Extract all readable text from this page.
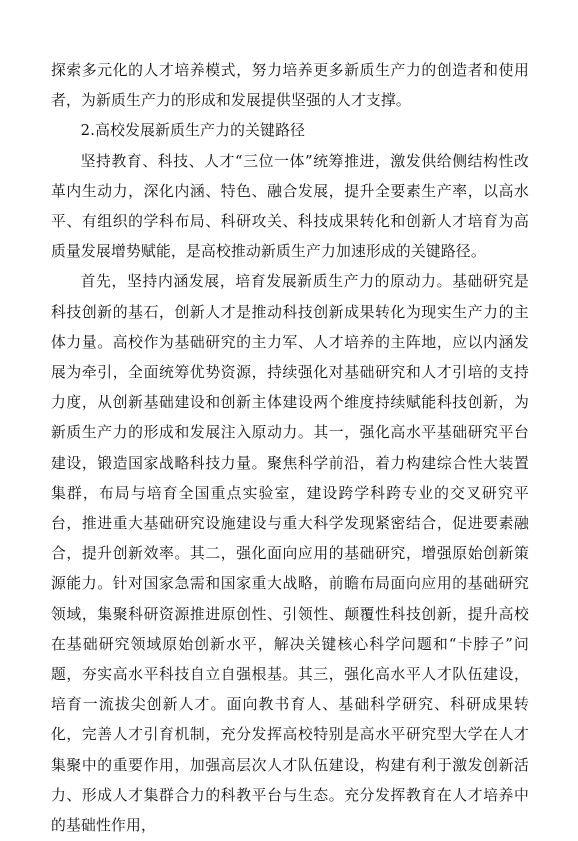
探索多元化的人才培养模式，努力培养更多新质生产力的创造者和使用者，为新质生产力的形成和发展提供坚强的人才支撑。

2.高校发展新质生产力的关键路径

坚持教育、科技、人才“三位一体”统筹推进，激发供给侧结构性改革内生动力，深化内涵、特色、融合发展，提升全要素生产率，以高水平、有组织的学科布局、科研攻关、科技成果转化和创新人才培育为高质量发展增势赋能，是高校推动新质生产力加速形成的关键路径。

首先，坚持内涵发展，培育发展新质生产力的原动力。基础研究是科技创新的基石，创新人才是推动科技创新成果转化为现实生产力的主体力量。高校作为基础研究的主力军、人才培养的主阵地，应以内涵发展为牵引，全面统筹优势资源，持续强化对基础研究和人才引培的支持力度，从创新基础建设和创新主体建设两个维度持续赋能科技创新，为新质生产力的形成和发展注入原动力。其一，强化高水平基础研究平台建设，锻造国家战略科技力量。聚焦科学前沿，着力构建综合性大装置集群，布局与培育全国重点实验室，建设跨学科跨专业的交叉研究平台，推进重大基础研究设施建设与重大科学发现紧密结合，促进要素融合，提升创新效率。其二，强化面向应用的基础研究，增强原始创新策源能力。针对国家急需和国家重大战略，前瞻布局面向应用的基础研究领域，集聚科研资源推进原创性、引领性、颠覆性科技创新，提升高校在基础研究领域原始创新水平，解决关键核心科学问题和“卡脖子”问题，夯实高水平科技自立自强根基。其三，强化高水平人才队伍建设，培育一流拔尖创新人才。面向教书育人、基础科学研究、科研成果转化，完善人才引育机制，充分发挥高校特别是高水平研究型大学在人才集聚中的重要作用，加强高层次人才队伍建设，构建有利于激发创新活力、形成人才集群合力的科教平台与生态。充分发挥教育在人才培养中的基础性作用，
